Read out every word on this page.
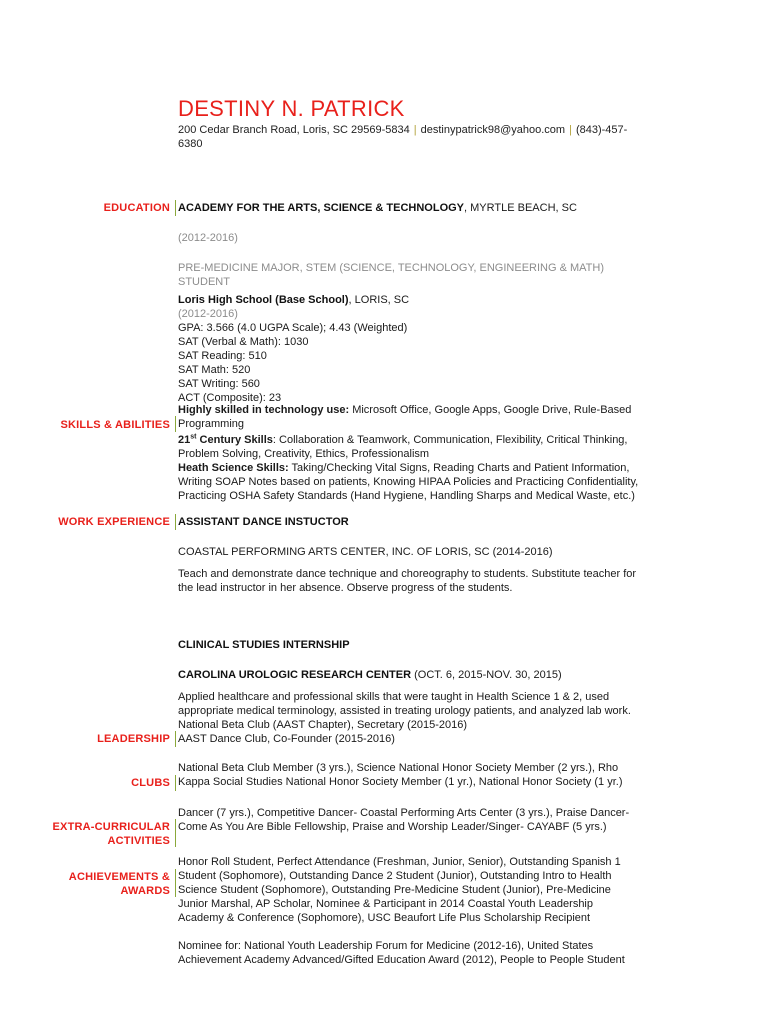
DESTINY N. PATRICK
200 Cedar Branch Road, Loris, SC 29569-5834 | destinypatrick98@yahoo.com | (843)-457-6380
EDUCATION
SKILLS & ABILITIES
WORK EXPERIENCE
LEADERSHIP
CLUBS
EXTRA-CURRICULAR
ACTIVITIES
ACHIEVEMENTS &
AWARDS
ACADEMY FOR THE ARTS, SCIENCE & TECHNOLOGY, MYRTLE BEACH, SC
(2012-2016)
PRE-MEDICINE MAJOR, STEM (SCIENCE, TECHNOLOGY, ENGINEERING & MATH)
STUDENT
Loris High School (Base School), LORIS, SC
(2012-2016)
GPA: 3.566 (4.0 UGPA Scale); 4.43 (Weighted)
SAT (Verbal & Math): 1030
SAT Reading: 510
SAT Math: 520
SAT Writing: 560
ACT (Composite): 23
Highly skilled in technology use: Microsoft Office, Google Apps, Google Drive, Rule-Based
Programming
21st Century Skills: Collaboration & Teamwork, Communication, Flexibility, Critical Thinking,
Problem Solving, Creativity, Ethics, Professionalism
Heath Science Skills: Taking/Checking Vital Signs, Reading Charts and Patient Information,
Writing SOAP Notes based on patients, Knowing HIPAA Policies and Practicing Confidentiality,
Practicing OSHA Safety Standards (Hand Hygiene, Handling Sharps and Medical Waste, etc.)
ASSISTANT DANCE INSTUCTOR
COASTAL PERFORMING ARTS CENTER, INC. OF LORIS, SC (2014-2016)
Teach and demonstrate dance technique and choreography to students. Substitute teacher for
the lead instructor in her absence. Observe progress of the students.
CLINICAL STUDIES INTERNSHIP
CAROLINA UROLOGIC RESEARCH CENTER (OCT. 6, 2015-NOV. 30, 2015)
Applied healthcare and professional skills that were taught in Health Science 1 & 2, used
appropriate medical terminology, assisted in treating urology patients, and analyzed lab work.
National Beta Club (AAST Chapter), Secretary (2015-2016)
AAST Dance Club, Co-Founder (2015-2016)
National Beta Club Member (3 yrs.), Science National Honor Society Member (2 yrs.), Rho
Kappa Social Studies National Honor Society Member (1 yr.), National Honor Society (1 yr.)
Dancer (7 yrs.), Competitive Dancer- Coastal Performing Arts Center (3 yrs.), Praise Dancer-
Come As You Are Bible Fellowship, Praise and Worship Leader/Singer- CAYABF (5 yrs.)
Honor Roll Student, Perfect Attendance (Freshman, Junior, Senior), Outstanding Spanish 1
Student (Sophomore), Outstanding Dance 2 Student (Junior), Outstanding Intro to Health
Science Student (Sophomore), Outstanding Pre-Medicine Student (Junior), Pre-Medicine
Junior Marshal, AP Scholar, Nominee & Participant in 2014 Coastal Youth Leadership
Academy & Conference (Sophomore), USC Beaufort Life Plus Scholarship Recipient
Nominee for: National Youth Leadership Forum for Medicine (2012-16), United States
Achievement Academy Advanced/Gifted Education Award (2012), People to People Student
